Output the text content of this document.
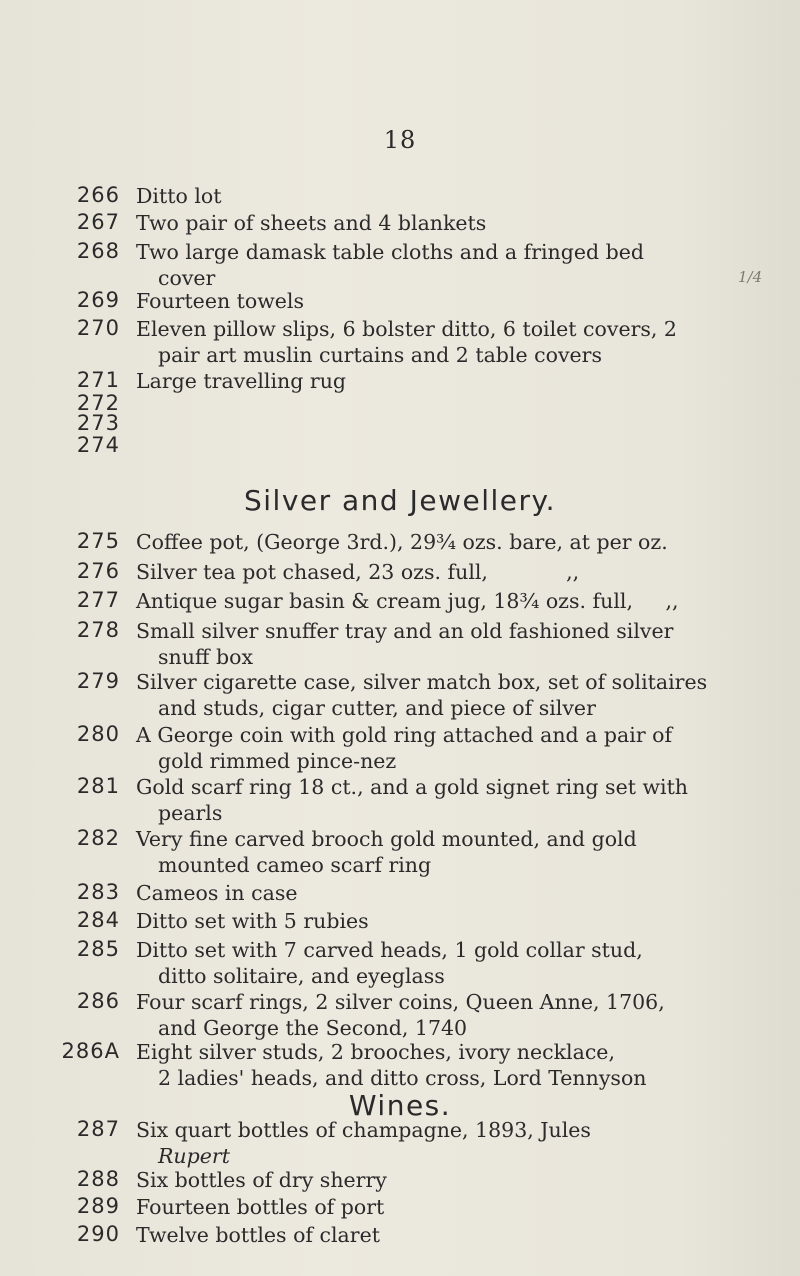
18
1/4
266 Ditto lot
267 Two pair of sheets and 4 blankets
268 Two large damask table cloths and a fringed bed
cover
269 Fourteen towels
270 Eleven pillow slips, 6 bolster ditto, 6 toilet covers, 2
pair art muslin curtains and 2 table covers
271 Large travelling rug
272
273
274
Silver and Jewellery.
275 Coffee pot, (George 3rd.), 29¾ ozs. bare, at per oz.
276 Silver tea pot chased, 23 ozs. full,            ,,
277 Antique sugar basin & cream jug, 18¾ ozs. full,     ,,
278 Small silver snuffer tray and an old fashioned silver
snuff box
279 Silver cigarette case, silver match box, set of solitaires
and studs, cigar cutter, and piece of silver
280 A George coin with gold ring attached and a pair of
gold rimmed pince-nez
281 Gold scarf ring 18 ct., and a gold signet ring set with
pearls
282 Very fine carved brooch gold mounted, and gold
mounted cameo scarf ring
283 Cameos in case
284 Ditto set with 5 rubies
285 Ditto set with 7 carved heads, 1 gold collar stud,
ditto solitaire, and eyeglass
286 Four scarf rings, 2 silver coins, Queen Anne, 1706,
and George the Second, 1740
286A Eight silver studs, 2 brooches, ivory necklace,
2 ladies' heads, and ditto cross, Lord Tennyson
Wines.
287 Six quart bottles of champagne, 1893, Jules
Rupert
288 Six bottles of dry sherry
289 Fourteen bottles of port
290 Twelve bottles of claret
